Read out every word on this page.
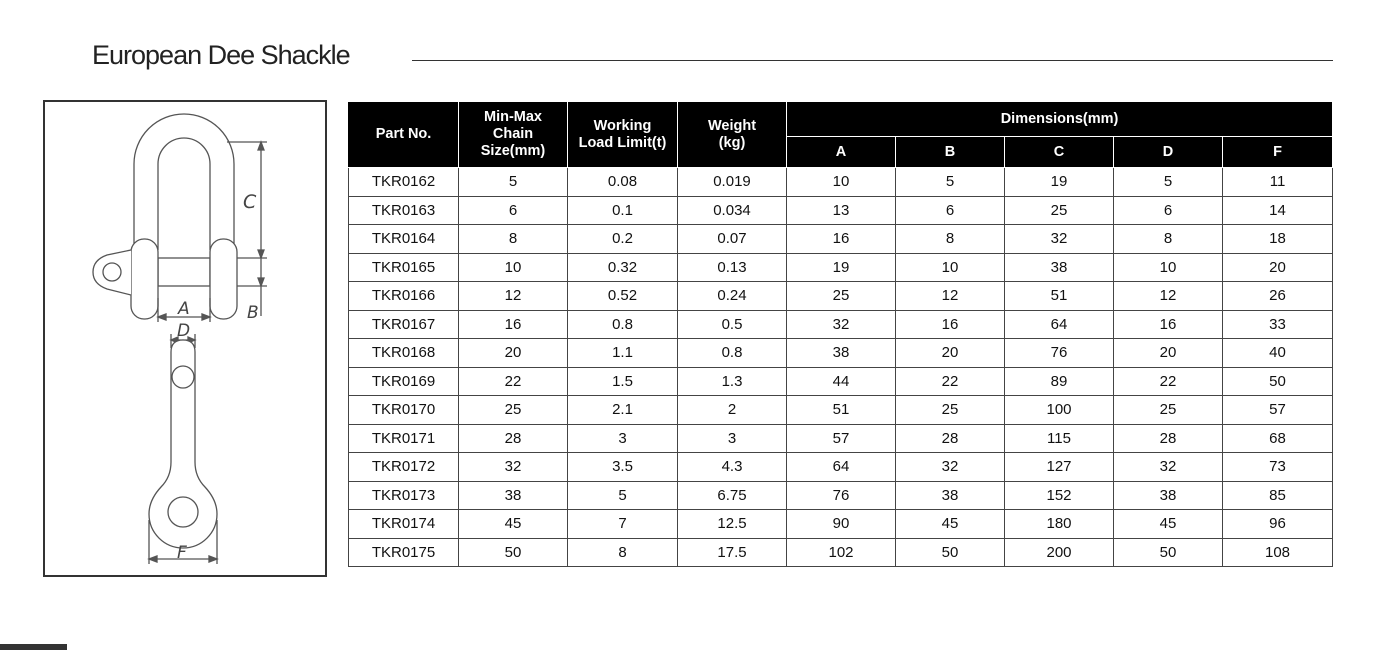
European Dee Shackle
C
B
A
D
F
Part No.	Min-Max
Chain
Size(mm)	Working
Load Limit(t)	Weight
(kg)	Dimensions(mm)				
				A	B	C	D	F
TKR0162	5	0.08	0.019	10	5	19	5	11
TKR0163	6	0.1	0.034	13	6	25	6	14
TKR0164	8	0.2	0.07	16	8	32	8	18
TKR0165	10	0.32	0.13	19	10	38	10	20
TKR0166	12	0.52	0.24	25	12	51	12	26
TKR0167	16	0.8	0.5	32	16	64	16	33
TKR0168	20	1.1	0.8	38	20	76	20	40
TKR0169	22	1.5	1.3	44	22	89	22	50
TKR0170	25	2.1	2	51	25	100	25	57
TKR0171	28	3	3	57	28	115	28	68
TKR0172	32	3.5	4.3	64	32	127	32	73
TKR0173	38	5	6.75	76	38	152	38	85
TKR0174	45	7	12.5	90	45	180	45	96
TKR0175	50	8	17.5	102	50	200	50	108
